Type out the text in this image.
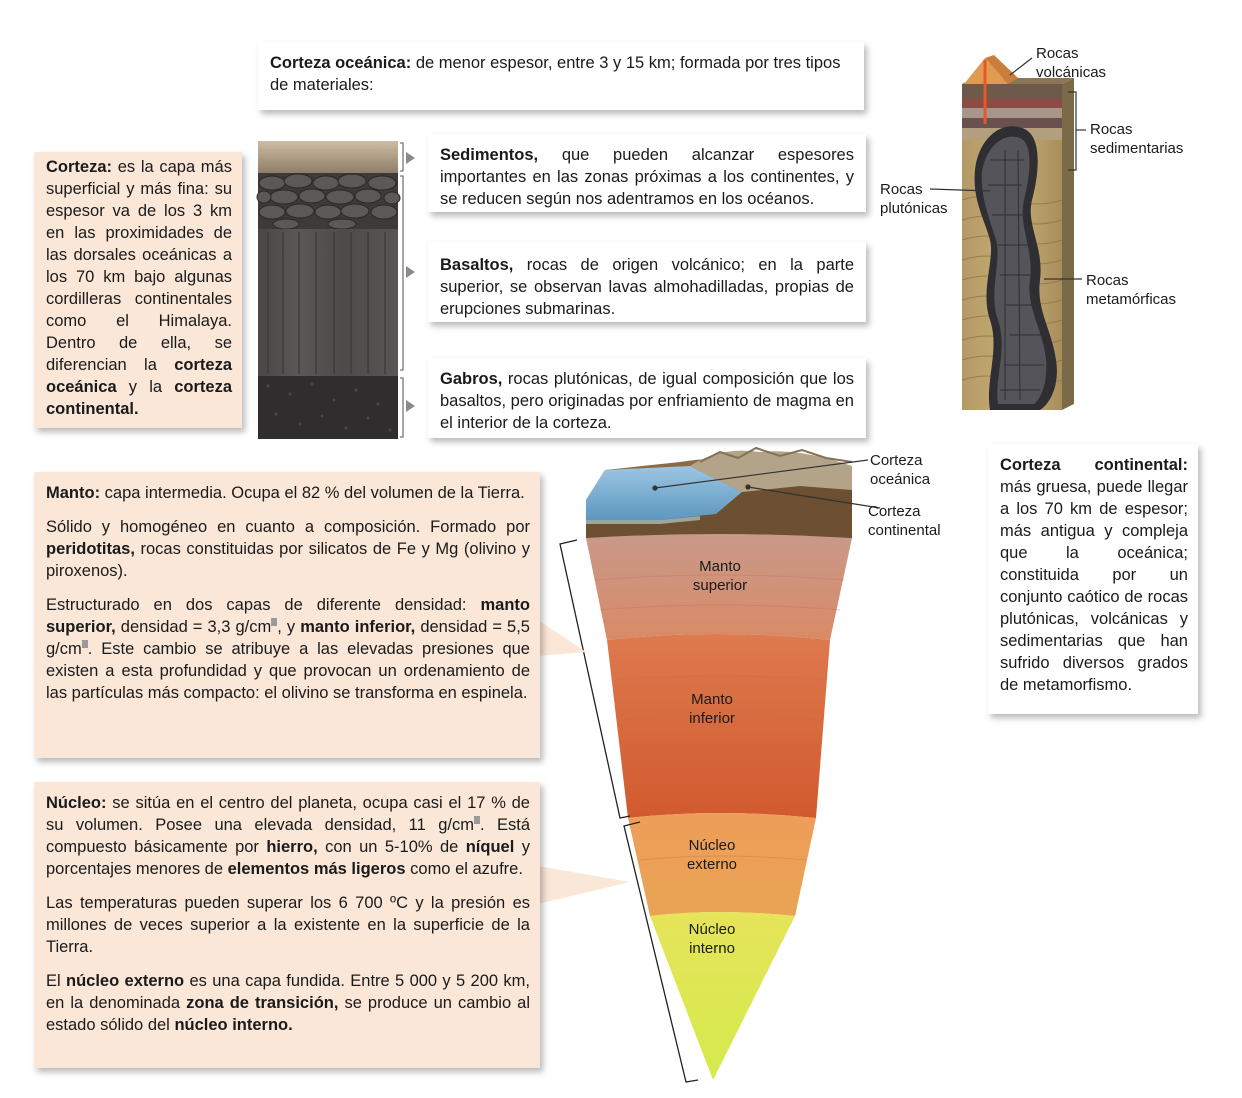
Corteza oceánica: de menor espesor, entre 3 y 15 km; formada por tres tipos de materiales:

Corteza: es la capa más superficial y más fina: su espesor va de los 3 km en las proximidades de las dorsales oceánicas a los 70 km bajo algunas cordilleras continentales como el Himalaya. Dentro de ella, se diferencian la corteza oceánica y la corteza continental.

Sedimentos, que pueden alcanzar espesores importantes en las zonas próximas a los continentes, y se reducen según nos adentramos en los océanos.

Basaltos, rocas de origen volcánico; en la parte superior, se observan lavas almohadilladas, propias de erupciones submarinas.

Gabros, rocas plutónicas, de igual composición que los basaltos, pero originadas por enfriamiento de magma en el interior de la corteza.

Corteza continental: más gruesa, puede llegar a los 70 km de espesor; más antigua y compleja que la oceánica; constituida por un conjunto caótico de rocas plutónicas, volcánicas y sedimentarias que han sufrido diversos grados de metamorfismo.

Manto: capa intermedia. Ocupa el 82 % del volumen de la Tierra.

Sólido y homogéneo en cuanto a composición. Formado por peridotitas, rocas constituidas por silicatos de Fe y Mg (olivino y piroxenos).

Estructurado en dos capas de diferente densidad: manto superior, densidad = 3,3 g/cm , y manto inferior, densidad = 5,5 g/cm . Este cambio se atribuye a las elevadas presiones que existen a esta profundidad y que provocan un ordenamiento de las partículas más compacto: el olivino se transforma en espinela.

Núcleo: se sitúa en el centro del planeta, ocupa casi el 17 % de su volumen. Posee una elevada densidad, 11 g/cm . Está compuesto básicamente por hierro, con un 5-10% de níquel y porcentajes menores de elementos más ligeros como el azufre.

Las temperaturas pueden superar los 6 700 ºC y la presión es millones de veces superior a la existente en la superficie de la Tierra.

El núcleo externo es una capa fundida. Entre 5 000 y 5 200 km, en la denominada zona de transición, se produce un cambio al estado sólido del núcleo interno.

Rocas volcánicas
Rocas sedimentarias
Rocas plutónicas
Rocas metamórficas
Corteza oceánica
Corteza continental
Manto superior
Manto inferior
Núcleo externo
Núcleo interno
